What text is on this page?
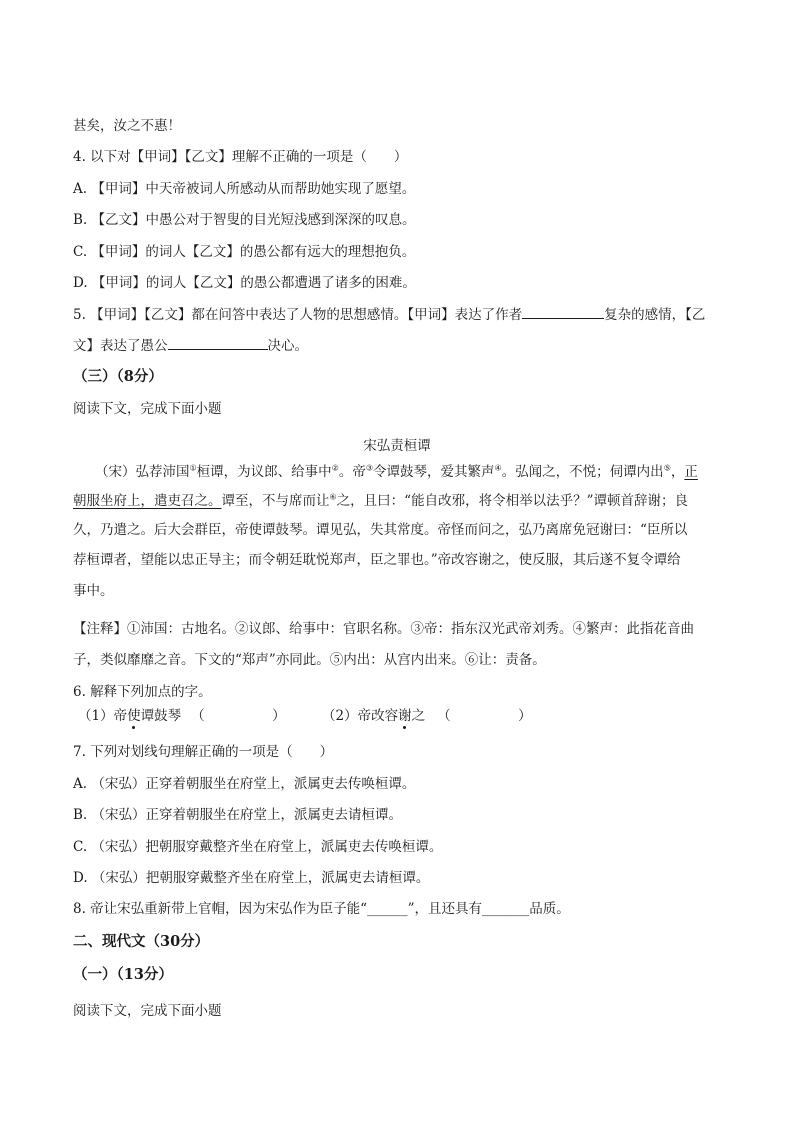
甚矣，汝之不惠！
4. 以下对【甲词】【乙文】理解不正确的一项是（　　）
A. 【甲词】中天帝被词人所感动从而帮助她实现了愿望。
B. 【乙文】中愚公对于智叟的目光短浅感到深深的叹息。
C. 【甲词】的词人【乙文】的愚公都有远大的理想抱负。
D. 【甲词】的词人【乙文】的愚公都遭遇了诸多的困难。
5. 【甲词】【乙文】都在问答中表达了人物的思想感情。【甲词】表达了作者	复杂的感情，【乙
文】表达了愚公	决心。
（三）（8分）
阅读下文，完成下面小题
宋弘责桓谭
（宋）弘荐沛国①桓谭，为议郎、给事中②。帝③令谭鼓琴，爱其繁声④。弘闻之，不悦；伺谭内出⑤，正
朝服坐府上，遣吏召之。谭至，不与席而让⑥之，且曰：“能自改邪，将令相举以法乎？”谭顿首辞谢；良
久，乃遣之。后大会群臣，帝使谭鼓琴。谭见弘，失其常度。帝怪而问之，弘乃离席免冠谢曰：“臣所以
荐桓谭者，望能以忠正导主；而令朝廷耽悦郑声，臣之罪也。”帝改容谢之，使反服，其后遂不复令谭给
事中。
【注释】①沛国：古地名。②议郎、给事中：官职名称。③帝：指东汉光武帝刘秀。④繁声：此指花音曲
子，类似靡靡之音。下文的“郑声”亦同此。⑤内出：从宫内出来。⑥让：责备。
6. 解释下列加点的字。
（1）帝使谭鼓琴 （　　　　　）	（2）帝改容谢之 （　　　　　）
7. 下列对划线句理解正确的一项是（　　）
A. （宋弘）正穿着朝服坐在府堂上，派属吏去传唤桓谭。
B. （宋弘）正穿着朝服坐在府堂上，派属吏去请桓谭。
C. （宋弘）把朝服穿戴整齐坐在府堂上，派属吏去传唤桓谭。
D. （宋弘）把朝服穿戴整齐坐在府堂上，派属吏去请桓谭。
8. 帝让宋弘重新带上官帽，因为宋弘作为臣子能“______”，且还具有_______品质。
二、现代文（30分）
（一）（13分）
阅读下文，完成下面小题
